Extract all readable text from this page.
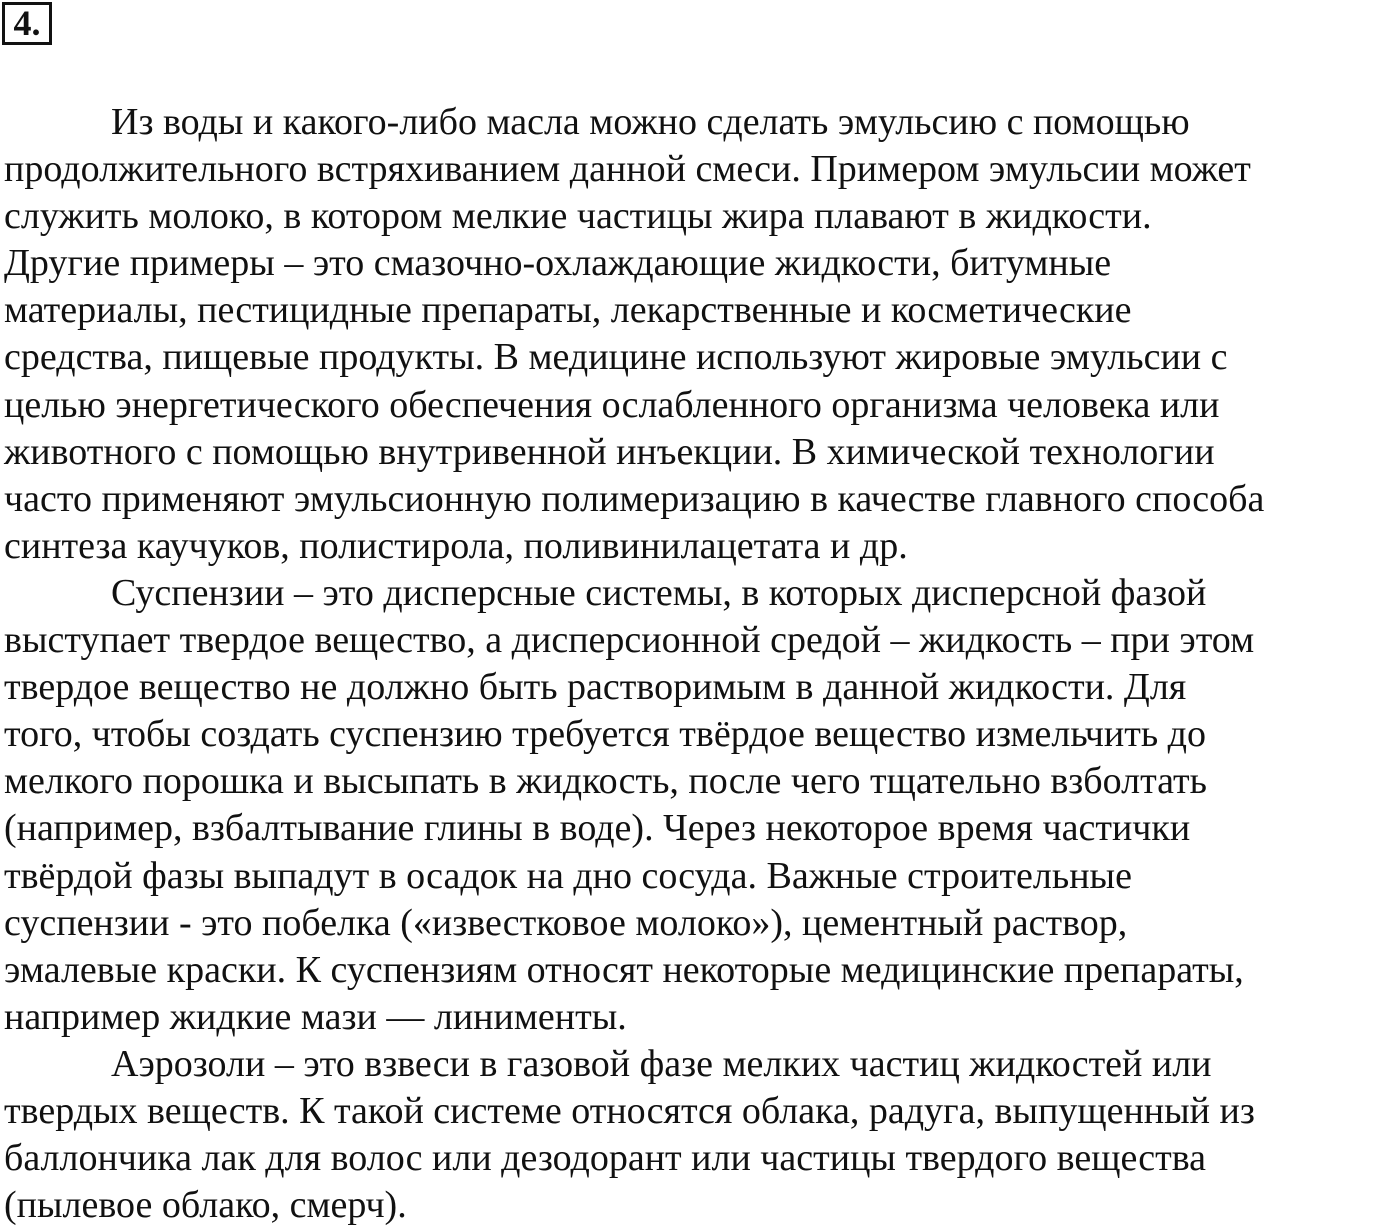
4.
Из воды и какого-либо масла можно сделать эмульсию с помощью
продолжительного встряхиванием данной смеси. Примером эмульсии может
служить молоко, в котором мелкие частицы жира плавают в жидкости.
Другие примеры – это смазочно-охлаждающие жидкости, битумные
материалы, пестицидные препараты, лекарственные и косметические
средства, пищевые продукты. В медицине используют жировые эмульсии с
целью энергетического обеспечения ослабленного организма человека или
животного с помощью внутривенной инъекции. В химической технологии
часто применяют эмульсионную полимеризацию в качестве главного способа
синтеза каучуков, полистирола, поливинилацетата и др.
Суспензии – это дисперсные системы, в которых дисперсной фазой
выступает твердое вещество, а дисперсионной средой – жидкость – при этом
твердое вещество не должно быть растворимым в данной жидкости. Для
того, чтобы создать суспензию требуется твёрдое вещество измельчить до
мелкого порошка и высыпать в жидкость, после чего тщательно взболтать
(например, взбалтывание глины в воде). Через некоторое время частички
твёрдой фазы выпадут в осадок на дно сосуда. Важные строительные
суспензии - это побелка («известковое молоко»), цементный раствор,
эмалевые краски. К суспензиям относят некоторые медицинские препараты,
например жидкие мази — линименты.
Аэрозоли – это взвеси в газовой фазе мелких частиц жидкостей или
твердых веществ. К такой системе относятся облака, радуга, выпущенный из
баллончика лак для волос или дезодорант или частицы твердого вещества
(пылевое облако, смерч).
